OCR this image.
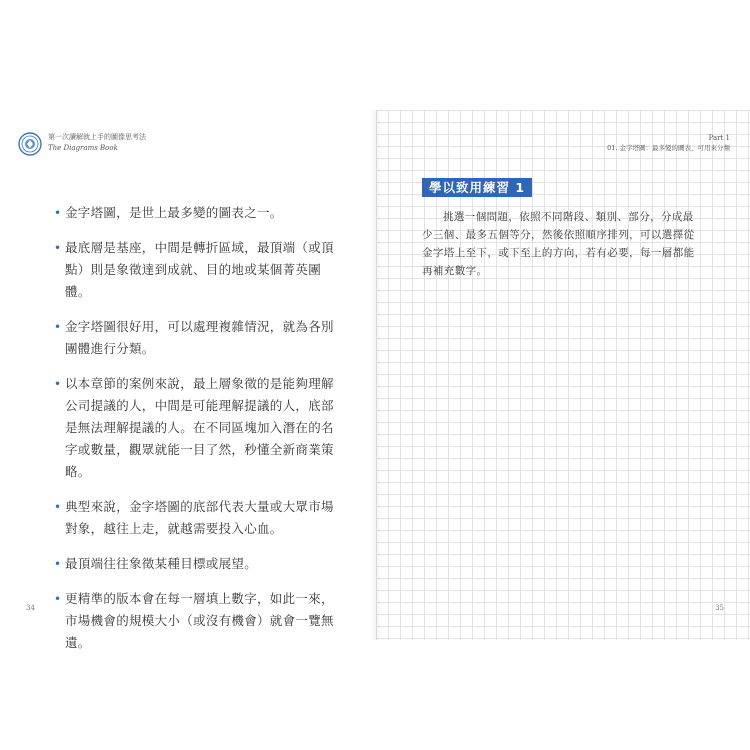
第一次讀解就上手的圖像思考法
The Diagrams Book
• 金字塔圖，是世上最多變的圖表之一。
• 最底層是基座，中間是轉折區域，最頂端（或頂點）則是象徵達到成就、目的地或某個菁英團體。
• 金字塔圖很好用，可以處理複雜情況，就為各別團體進行分類。
• 以本章節的案例來說，最上層象徵的是能夠理解公司提議的人，中間是可能理解提議的人，底部是無法理解提議的人。在不同區塊加入潛在的名字或數量，觀眾就能一目了然，秒懂全新商業策略。
• 典型來說，金字塔圖的底部代表大量或大眾市場對象，越往上走，就越需要投入心血。
• 最頂端往往象徵某種目標或展望。
• 更精準的版本會在每一層填上數字，如此一來，市場機會的規模大小（或沒有機會）就會一覽無遺。
34
Part 1
01. 金字塔圖：最多變的圖表，可用來分類
學以致用練習 1
挑選一個問題，依照不同階段、類別、部分，分成最少三個、最多五個等分，然後依照順序排列，可以選擇從金字塔上至下，或下至上的方向，若有必要，每一層都能再補充數字。
35
